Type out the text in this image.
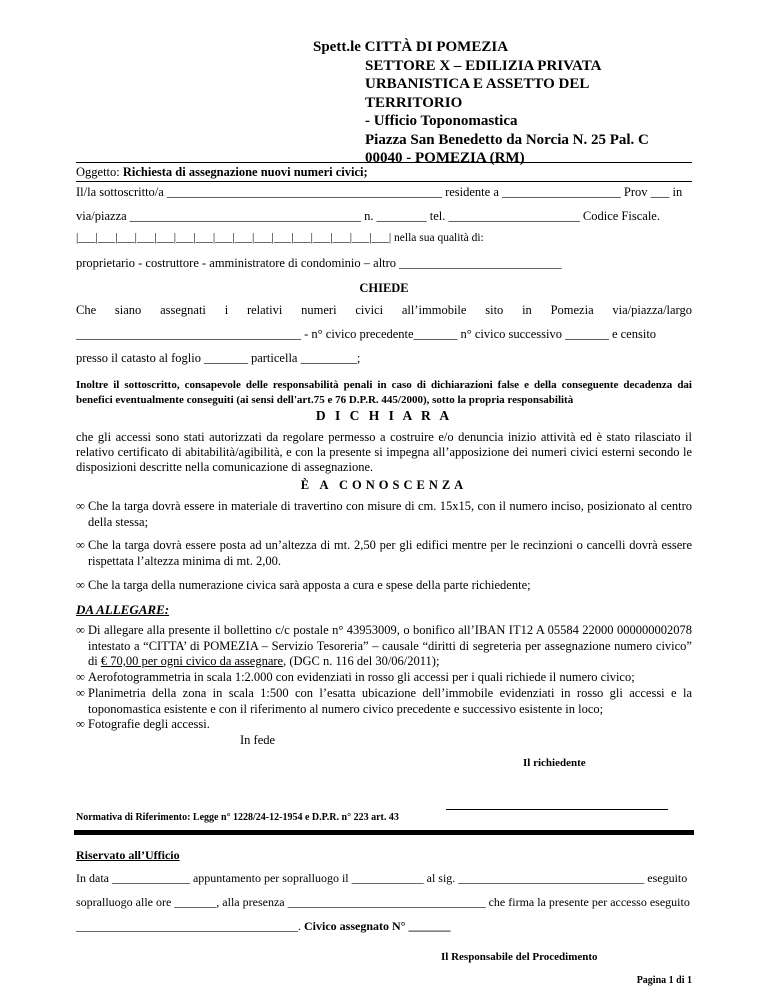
Spett.le CITTÀ DI POMEZIA
SETTORE X – EDILIZIA PRIVATA
URBANISTICA E ASSETTO DEL
TERRITORIO
- Ufficio Toponomastica
Piazza San Benedetto da Norcia N. 25 Pal. C
00040 - POMEZIA (RM)
Oggetto: Richiesta di assegnazione nuovi numeri civici;
Il/la sottoscritto/a ____________________________________________ residente a ___________________ Prov ___ in
via/piazza _____________________________________ n. ________ tel. _____________________ Codice Fiscale.
|___|___|___|___|___|___|___|___|___|___|___|___|___|___|___|___| nella sua qualità di:
proprietario - costruttore - amministratore di condominio – altro __________________________
CHIEDE
Che siano assegnati i relativi numeri civici all’immobile sito in Pomezia via/piazza/largo
____________________________________ - n° civico precedente_______ n° civico successivo _______ e censito
presso il catasto al foglio _______ particella _________;
Inoltre il sottoscritto, consapevole delle responsabilità penali in caso di dichiarazioni false e della conseguente decadenza dai benefici eventualmente conseguiti (ai sensi dell'art.75 e 76 D.P.R. 445/2000), sotto la propria responsabilità
D I C H I A R A
che gli accessi sono stati autorizzati da regolare permesso a costruire e/o denuncia inizio attività ed è stato rilasciato il relativo certificato di abitabilità/agibilità, e con la presente si impegna all’apposizione dei numeri civici esterni secondo le disposizioni descritte nella comunicazione di assegnazione.
È A CONOSCENZA
∞ Che la targa dovrà essere in materiale di travertino con misure di cm. 15x15, con il numero inciso, posizionato al centro della stessa;
∞ Che la targa dovrà essere posta ad un’altezza di mt. 2,50 per gli edifici mentre per le recinzioni o cancelli dovrà essere rispettata l’altezza minima di mt. 2,00.
∞ Che la targa della numerazione civica sarà apposta a cura e spese della parte richiedente;
DA ALLEGARE:
∞ Di allegare alla presente il bollettino c/c postale n° 43953009, o bonifico all’IBAN IT12 A 05584 22000 000000002078 intestato a “CITTA’ di POMEZIA – Servizio Tesoreria” – causale “diritti di segreteria per assegnazione numero civico” di € 70,00 per ogni civico da assegnare, (DGC n. 116 del 30/06/2011);
∞ Aerofotogrammetria in scala 1:2.000 con evidenziati in rosso gli accessi per i quali richiede il numero civico;
∞ Planimetria della zona in scala 1:500 con l’esatta ubicazione dell’immobile evidenziati in rosso gli accessi e la toponomastica esistente e con il riferimento al numero civico precedente e successivo esistente in loco;
∞ Fotografie degli accessi.
In fede
Il richiedente
Normativa di Riferimento: Legge n° 1228/24-12-1954 e D.P.R. n° 223 art. 43
Riservato all’Ufficio
In data _____________ appuntamento per sopralluogo il ____________ al sig. _______________________________ eseguito
sopralluogo alle ore _______, alla presenza _________________________________ che firma la presente per accesso eseguito
_____________________________________. Civico assegnato N° _______
Il Responsabile del Procedimento
Pagina 1 di 1
